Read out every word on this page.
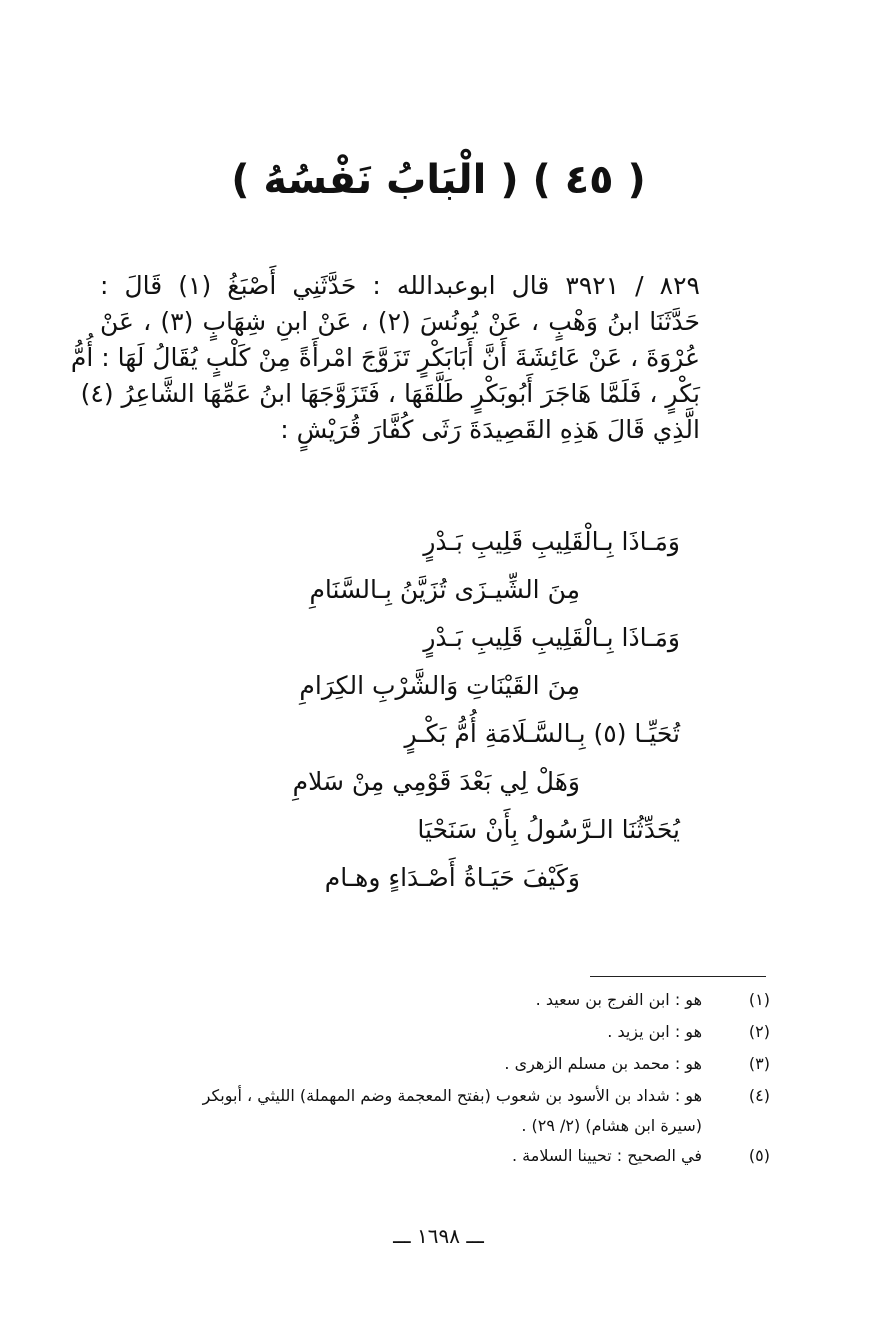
( ٤٥ ) ( الْبَابُ نَفْسُهُ )
٨٢٩ / ٣٩٢١ قال ابوعبدالله : حَدَّثَنِي أَصْبَغُ (١) قَالَ :
حَدَّثَنَا ابنُ وَهْبٍ ، عَنْ يُونُسَ (٢) ، عَنْ ابنِ شِهَابٍ (٣) ، عَنْ
عُرْوَةَ ، عَنْ عَائِشَةَ أَنَّ أَبَابَكْرٍ تَزَوَّجَ امْرأَةً مِنْ كَلْبٍ يُقَالُ لَهَا : أُمُّ
بَكْرٍ ، فَلَمَّا هَاجَرَ أَبُوبَكْرٍ طَلَّقَهَا ، فَتَزَوَّجَهَا ابنُ عَمِّهَا الشَّاعِرُ (٤)
الَّذِي قَالَ هَذِهِ القَصِيدَةَ رَثَى كُفَّارَ قُرَيْشٍ :
وَمَـاذَا بِـالْقَلِيبِ قَلِيبِ بَـدْرٍ
مِنَ الشِّيـزَى تُزَيَّنُ بِـالسَّنَامِ
وَمَـاذَا بِـالْقَلِيبِ قَلِيبِ بَـدْرٍ
مِنَ القَيْنَاتِ وَالشَّرْبِ الكِرَامِ
تُحَيِّـا (٥) بِـالسَّـلَامَةِ أُمُّ بَكْـرٍ
وَهَلْ لِي بَعْدَ قَوْمِي مِنْ سَلامِ
يُحَدِّثُنَا الـرَّسُولُ بِأَنْ سَنَحْيَا
وَكَيْفَ حَيَـاةُ أَصْـدَاءٍ وهـام
(١)
هو : ابن الفرج بن سعيد .
(٢)
هو : ابن يزيد .
(٣)
هو : محمد بن مسلم الزهرى .
(٤)
هو : شداد بن الأسود بن شعوب (بفتح المعجمة وضم المهملة) الليثي ، أبوبكر
(سيرة ابن هشام) (٢/ ٢٩) .
(٥)
في الصحيح : تحيينا السلامة .
ـــ ١٦٩٨ ـــ
